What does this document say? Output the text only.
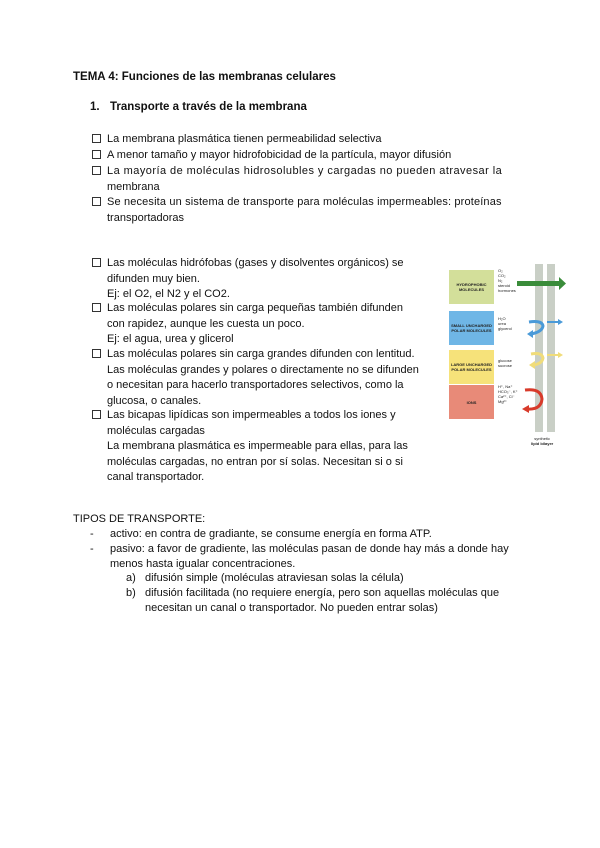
TEMA 4: Funciones de las membranas celulares
1. Transporte a través de la membrana
La membrana plasmática tienen permeabilidad selectiva
A menor tamaño y mayor hidrofobicidad de la partícula, mayor difusión
La mayoría de moléculas hidrosolubles y cargadas no pueden atravesar la
membrana
Se necesita un sistema de transporte para moléculas impermeables: proteínas
transportadoras
Las moléculas hidrófobas (gases y disolventes orgánicos) se
difunden muy bien.
Ej: el O2, el N2 y el CO2.
Las moléculas polares sin carga pequeñas también difunden
con rapidez, aunque les cuesta un poco.
Ej: el agua, urea y glicerol
Las moléculas polares sin carga grandes difunden con lentitud.
Las moléculas grandes y polares o directamente no se difunden
o necesitan para hacerlo transportadores selectivos, como la
glucosa, o canales.
Las bicapas lipídicas son impermeables a todos los iones y
moléculas cargadas
La membrana plasmática es impermeable para ellas, para las
moléculas cargadas, no entran por sí solas. Necesitan si o si
canal transportador.
HYDROPHOBIC MOLECULES
O₂
CO₂
N₂
steroid
hormones
SMALL UNCHARGED POLAR MOLECULES
H₂O
urea
glycerol
LARGE UNCHARGED POLAR MOLECULES
glucose
sucrose
IONS
H⁺, Na⁺
HCO₃⁻, K⁺
Ca²⁺, Cl⁻
Mg²⁺
synthetic
lipid bilayer
TIPOS DE TRANSPORTE:
- activo: en contra de gradiante, se consume energía en forma ATP.
- pasivo: a favor de gradiente, las moléculas pasan de donde hay más a donde hay
menos hasta igualar concentraciones.
a) difusión simple (moléculas atraviesan solas la célula)
b) difusión facilitada (no requiere energía, pero son aquellas moléculas que
necesitan un canal o transportador. No pueden entrar solas)
